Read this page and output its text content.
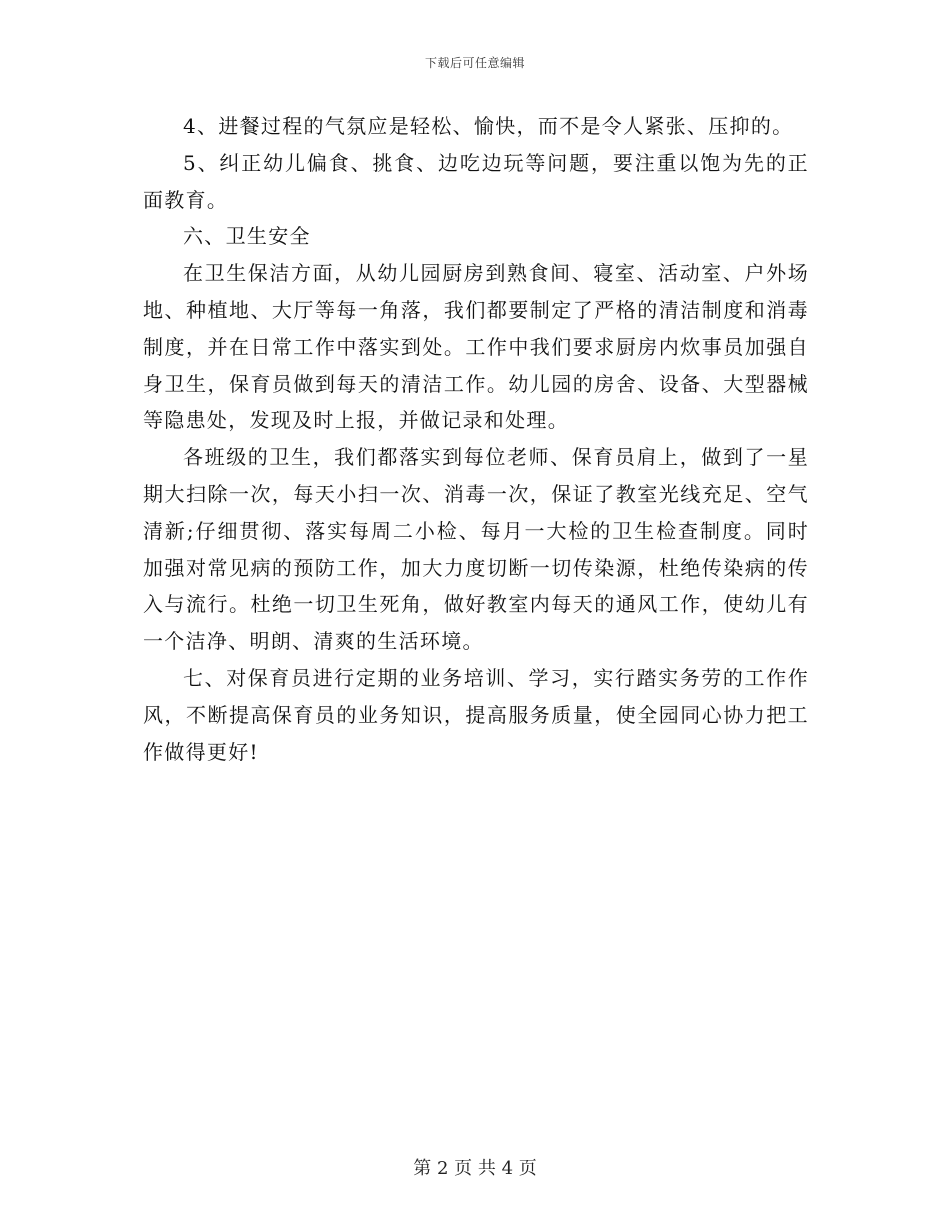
下载后可任意编辑

4、进餐过程的气氛应是轻松、愉快，而不是令人紧张、压抑的。

5、纠正幼儿偏食、挑食、边吃边玩等问题，要注重以饱为先的正面教育。

六、卫生安全

在卫生保洁方面，从幼儿园厨房到熟食间、寝室、活动室、户外场地、种植地、大厅等每一角落，我们都要制定了严格的清洁制度和消毒制度，并在日常工作中落实到处。工作中我们要求厨房内炊事员加强自身卫生，保育员做到每天的清洁工作。幼儿园的房舍、设备、大型器械等隐患处，发现及时上报，并做记录和处理。

各班级的卫生，我们都落实到每位老师、保育员肩上，做到了一星期大扫除一次，每天小扫一次、消毒一次，保证了教室光线充足、空气清新;仔细贯彻、落实每周二小检、每月一大检的卫生检查制度。同时加强对常见病的预防工作，加大力度切断一切传染源，杜绝传染病的传入与流行。杜绝一切卫生死角，做好教室内每天的通风工作，使幼儿有一个洁净、明朗、清爽的生活环境。

七、对保育员进行定期的业务培训、学习，实行踏实务劳的工作作风，不断提高保育员的业务知识，提高服务质量，使全园同心协力把工作做得更好!

第 2 页 共 4 页
